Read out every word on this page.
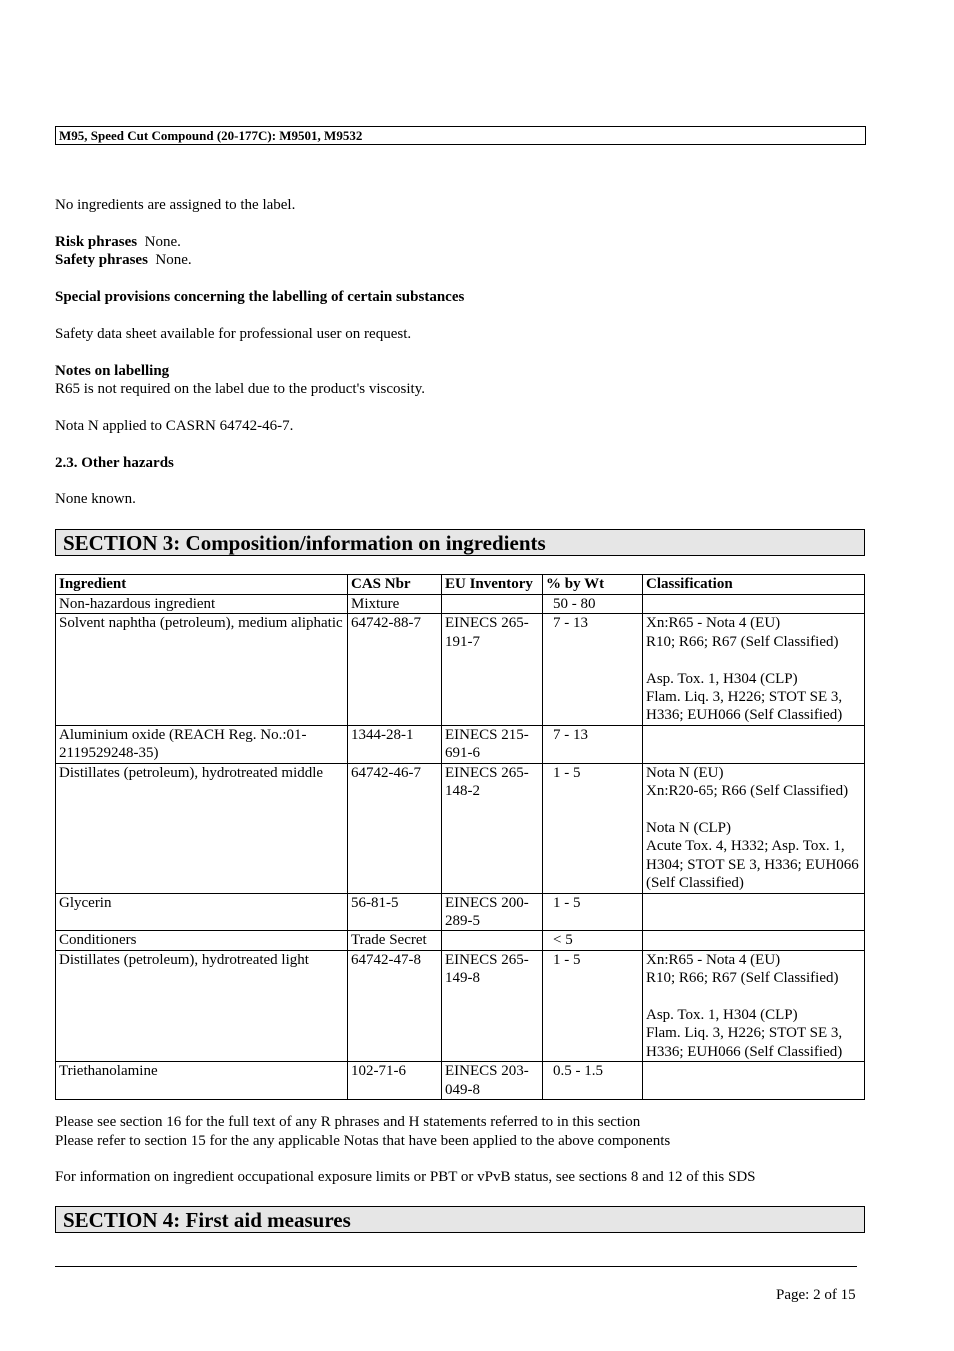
M95, Speed Cut Compound (20-177C): M9501, M9532
No ingredients are assigned to the label.
Risk phrases None.
Safety phrases None.
Special provisions concerning the labelling of certain substances
Safety data sheet available for professional user on request.
Notes on labelling
R65 is not required on the label due to the product's viscosity.
Nota N applied to CASRN 64742-46-7.
2.3. Other hazards
None known.
SECTION 3: Composition/information on ingredients
Ingredient	CAS Nbr	EU Inventory	% by Wt	Classification
Non-hazardous ingredient	Mixture		50 - 80	
Solvent naphtha (petroleum), medium aliphatic	64742-88-7	EINECS 265-191-7	7 - 13	Xn:R65 - Nota 4 (EU)
R10; R66; R67 (Self Classified)

Asp. Tox. 1, H304 (CLP)
Flam. Liq. 3, H226; STOT SE 3, H336; EUH066 (Self Classified)

Aluminium oxide (REACH Reg. No.:01-2119529248-35)	1344-28-1	EINECS 215-691-6	7 - 13	
Distillates (petroleum), hydrotreated middle	64742-46-7	EINECS 265-148-2	1 - 5	Nota N (EU)
Xn:R20-65; R66 (Self Classified)

Nota N (CLP)
Acute Tox. 4, H332; Asp. Tox. 1, H304; STOT SE 3, H336; EUH066 (Self Classified)

Glycerin	56-81-5	EINECS 200-289-5	1 - 5	
Conditioners	Trade Secret		< 5	
Distillates (petroleum), hydrotreated light	64742-47-8	EINECS 265-149-8	1 - 5	Xn:R65 - Nota 4 (EU)
R10; R66; R67 (Self Classified)

Asp. Tox. 1, H304 (CLP)
Flam. Liq. 3, H226; STOT SE 3, H336; EUH066 (Self Classified)

Triethanolamine	102-71-6	EINECS 203-049-8	0.5 - 1.5	
Please see section 16 for the full text of any R phrases and H statements referred to in this section
Please refer to section 15 for the any applicable Notas that have been applied to the above components
For information on ingredient occupational exposure limits or PBT or vPvB status, see sections 8 and 12 of this SDS
SECTION 4: First aid measures
Page: 2 of 15
